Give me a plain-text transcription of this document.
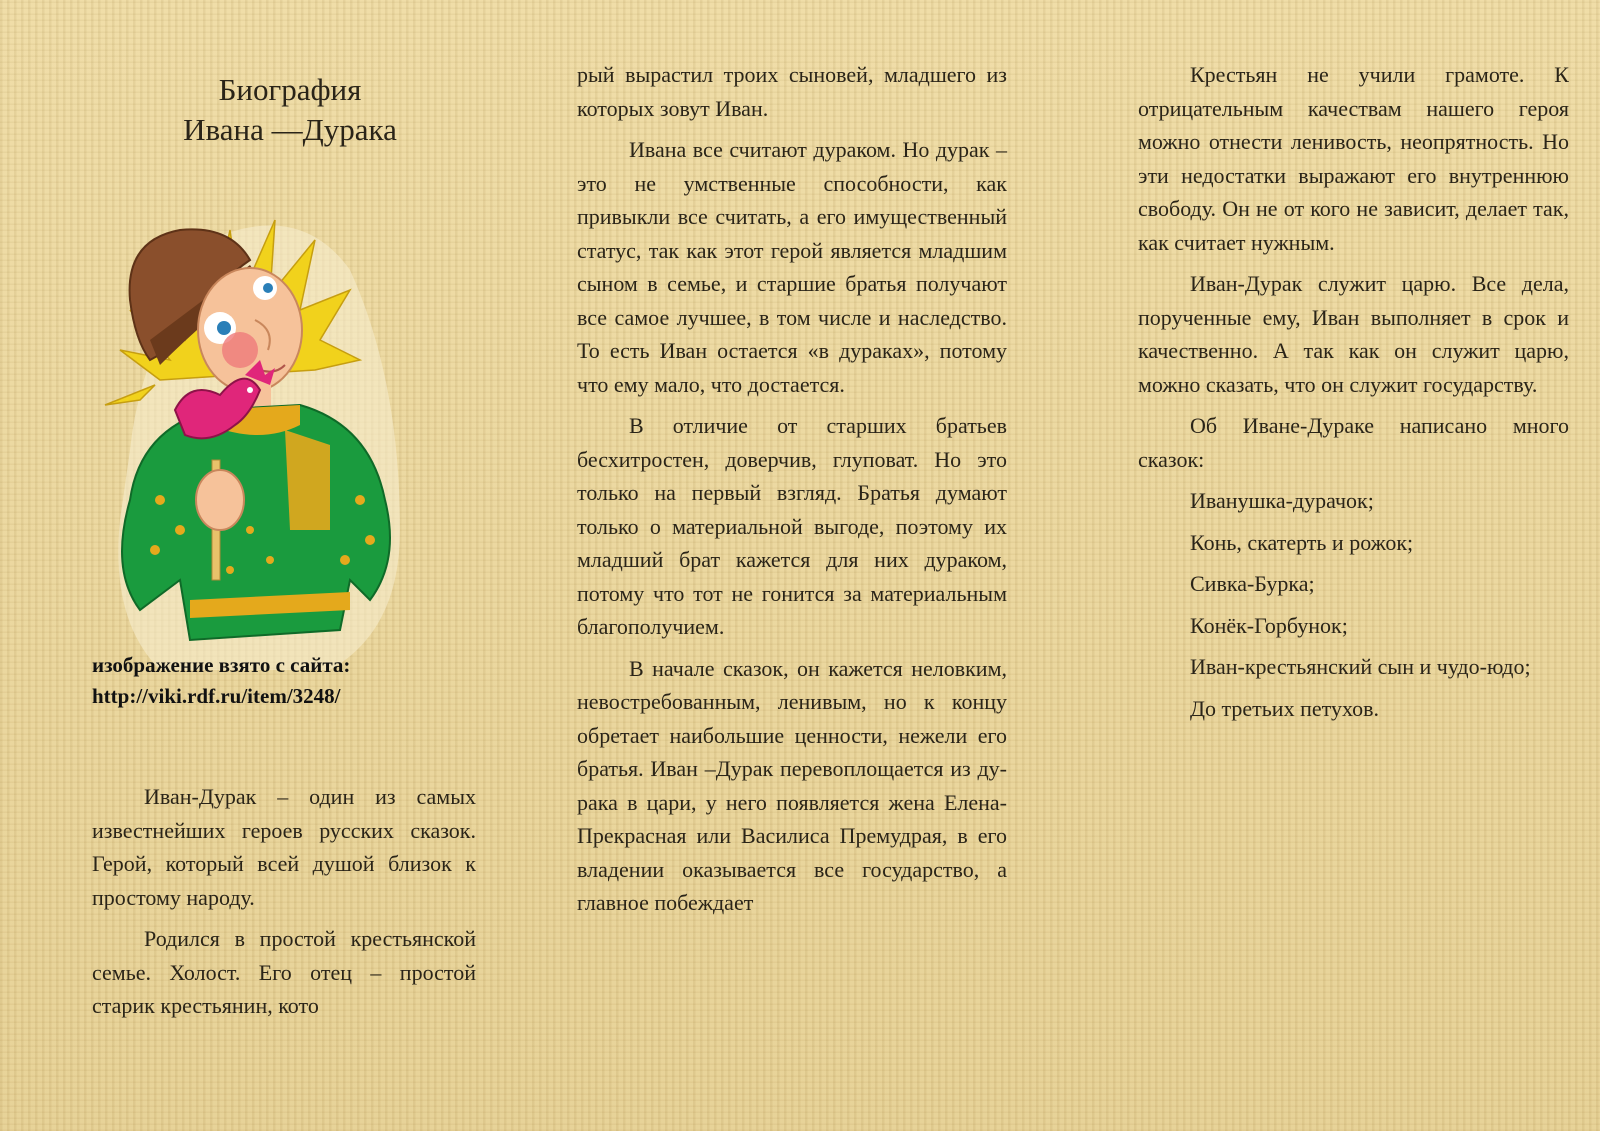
Биография
Ивана —Дурака
изображение взято с сайта:
http://viki.rdf.ru/item/3248/

Иван-Дурак – один из самых известнейших героев русских сказок. Герой, который всей душой близок к простому народу.

Родился в простой крестьянской семье. Холост. Его отец – простой старик крестьянин, кото

рый вырастил троих сыновей, младшего из которых зовут Иван.

Ивана все считают дураком. Но дурак – это не умственные способности, как привыкли все считать, а его имущественный статус, так как этот герой является младшим сыном в семье, и старшие братья получают все самое лучшее, в том числе и наследство. То есть Иван остается «в дураках», потому что ему мало, что достается.

В отличие от старших братьев бесхитростен, доверчив, глуповат. Но это только на первый взгляд. Братья думают только о материальной выгоде, поэтому их младший брат кажется для них дураком, потому что тот не гонится за материальным благополучием.

В начале сказок, он кажется неловким, невостребованным, ленивым, но к концу обретает наибольшие ценности, нежели его братья. Иван –Дурак перевоплощается из дурака в цари, у него появляется жена Елена-Прекрасная или Василиса Премудрая, в его владении оказывается все государство, а главное побеждает

Крестьян не учили грамоте. К отрицательным качествам нашего героя можно отнести ленивость, неопрятность. Но эти недостатки выражают его внутреннюю свободу. Он не от кого не зависит, делает так, как считает нужным.

Иван-Дурак служит царю. Все дела, порученные ему, Иван выполняет в срок и качественно. А так как он служит царю, можно сказать, что он служит государству.

Об Иване-Дураке написано много сказок:

Иванушка-дурачок;

Конь, скатерть и рожок;

Сивка-Бурка;

Конёк-Горбунок;

Иван-крестьянский сын и чудо-юдо;

До третьих петухов.
